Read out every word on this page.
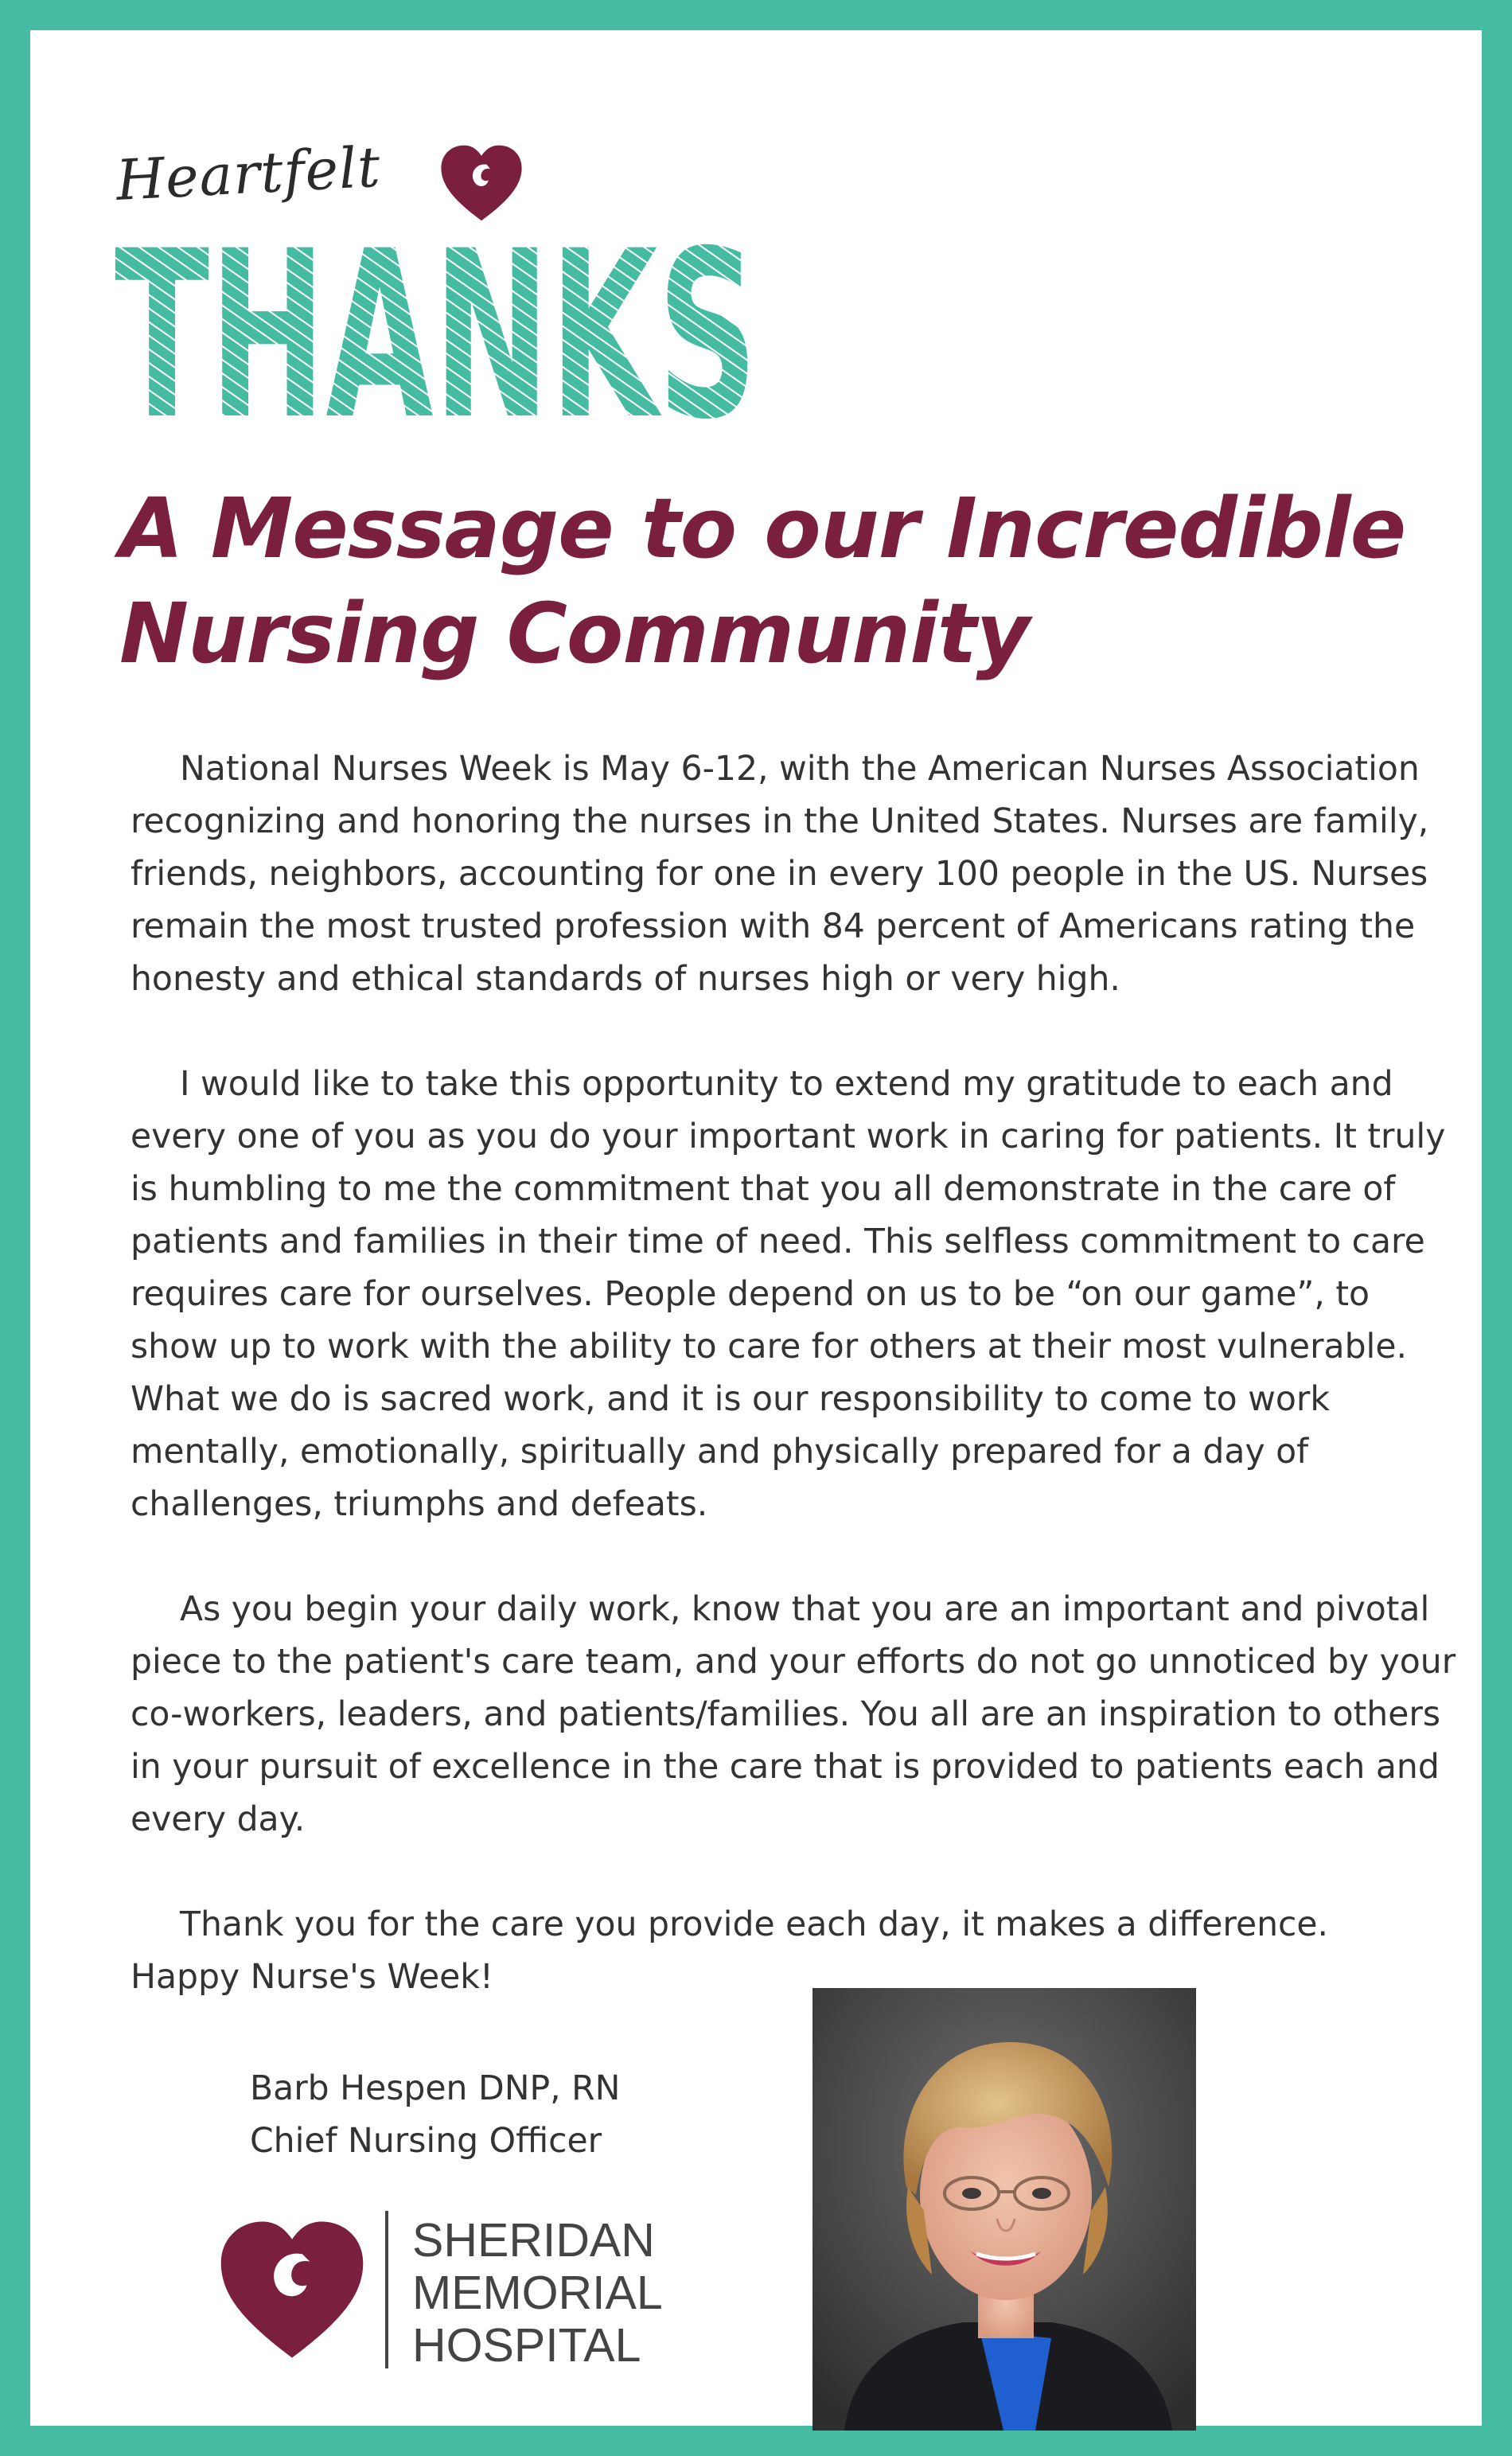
Heartfelt
THANKS
A Message to our Incredible
Nursing Community

National Nurses Week is May 6-12, with the American Nurses Association recognizing and honoring the nurses in the United States. Nurses are family, friends, neighbors, accounting for one in every 100 people in the US. Nurses remain the most trusted profession with 84 percent of Americans rating the honesty and ethical standards of nurses high or very high.

I would like to take this opportunity to extend my gratitude to each and every one of you as you do your important work in caring for patients. It truly is humbling to me the commitment that you all demonstrate in the care of patients and families in their time of need. This selfless commitment to care requires care for ourselves. People depend on us to be “on our game”, to show up to work with the ability to care for others at their most vulnerable. What we do is sacred work, and it is our responsibility to come to work mentally, emotionally, spiritually and physically prepared for a day of challenges, triumphs and defeats.

As you begin your daily work, know that you are an important and pivotal piece to the patient's care team, and your efforts do not go unnoticed by your co-workers, leaders, and patients/families. You all are an inspiration to others in your pursuit of excellence in the care that is provided to patients each and every day.

Thank you for the care you provide each day, it makes a difference.
Happy Nurse's Week!

Barb Hespen DNP, RN
Chief Nursing Officer
SHERIDAN
MEMORIAL
HOSPITAL
